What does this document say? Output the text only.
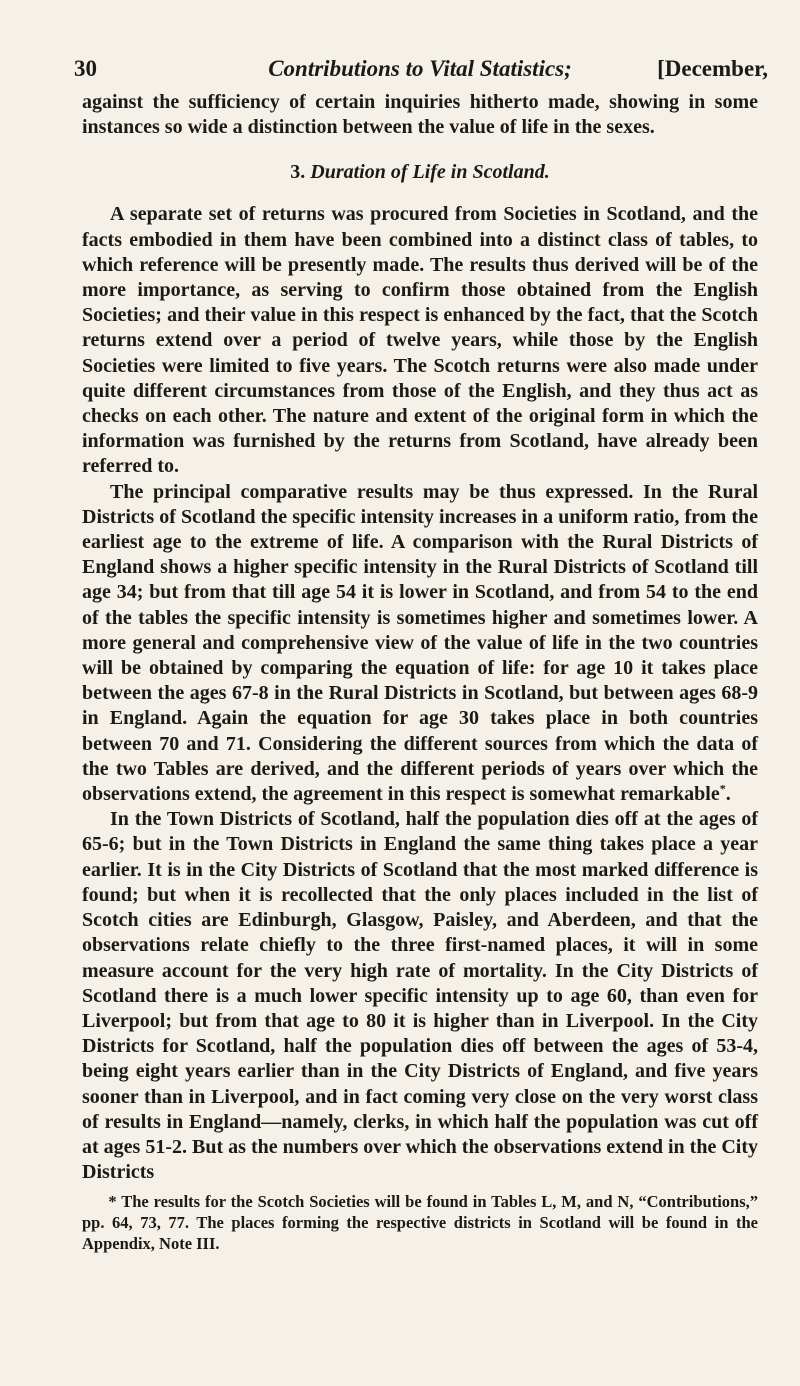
30	Contributions to Vital Statistics;	[December,

against the sufficiency of certain inquiries hitherto made, showing in some instances so wide a distinction between the value of life in the sexes.

3. Duration of Life in Scotland.

A separate set of returns was procured from Societies in Scotland, and the facts embodied in them have been combined into a distinct class of tables, to which reference will be presently made. The results thus derived will be of the more importance, as serving to confirm those obtained from the English Societies; and their value in this respect is enhanced by the fact, that the Scotch returns extend over a period of twelve years, while those by the English Societies were limited to five years. The Scotch returns were also made under quite different circumstances from those of the English, and they thus act as checks on each other. The nature and extent of the original form in which the information was furnished by the returns from Scotland, have already been referred to.

The principal comparative results may be thus expressed. In the Rural Districts of Scotland the specific intensity increases in a uniform ratio, from the earliest age to the extreme of life. A comparison with the Rural Districts of England shows a higher specific intensity in the Rural Districts of Scotland till age 34; but from that till age 54 it is lower in Scotland, and from 54 to the end of the tables the specific intensity is sometimes higher and sometimes lower. A more general and comprehensive view of the value of life in the two countries will be obtained by comparing the equation of life: for age 10 it takes place between the ages 67-8 in the Rural Districts in Scotland, but between ages 68-9 in England. Again the equation for age 30 takes place in both countries between 70 and 71. Considering the different sources from which the data of the two Tables are derived, and the different periods of years over which the observations extend, the agreement in this respect is somewhat remarkable*.

In the Town Districts of Scotland, half the population dies off at the ages of 65-6; but in the Town Districts in England the same thing takes place a year earlier. It is in the City Districts of Scotland that the most marked difference is found; but when it is recollected that the only places included in the list of Scotch cities are Edinburgh, Glasgow, Paisley, and Aberdeen, and that the observations relate chiefly to the three first-named places, it will in some measure account for the very high rate of mortality. In the City Districts of Scotland there is a much lower specific intensity up to age 60, than even for Liverpool; but from that age to 80 it is higher than in Liverpool. In the City Districts for Scotland, half the population dies off between the ages of 53-4, being eight years earlier than in the City Districts of England, and five years sooner than in Liverpool, and in fact coming very close on the very worst class of results in England—namely, clerks, in which half the population was cut off at ages 51-2. But as the numbers over which the observations extend in the City Districts

* The results for the Scotch Societies will be found in Tables L, M, and N, “Contributions,” pp. 64, 73, 77. The places forming the respective districts in Scotland will be found in the Appendix, Note III.
